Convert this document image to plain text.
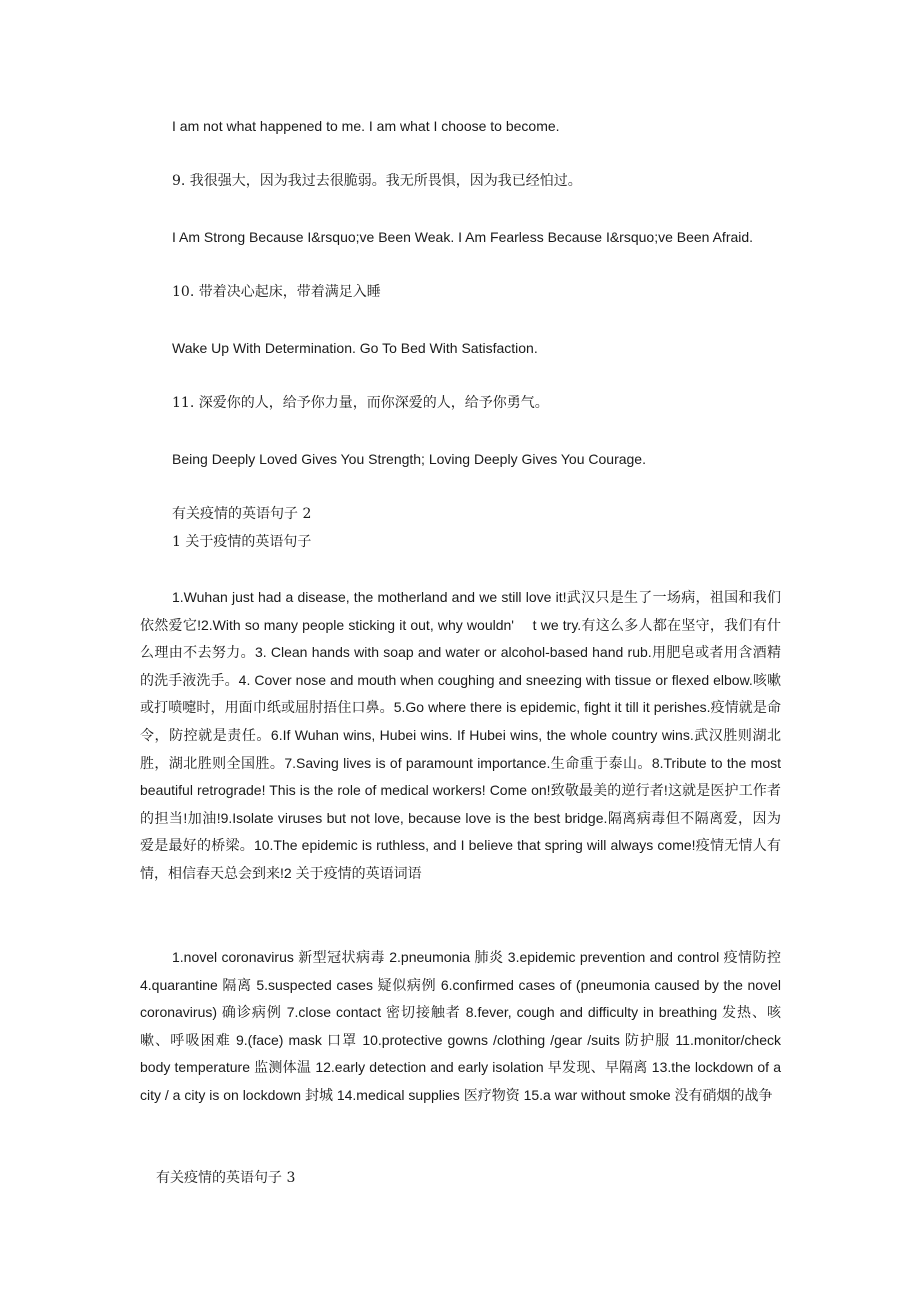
I am not what happened to me. I am what I choose to become.
9. 我很强大，因为我过去很脆弱。我无所畏惧，因为我已经怕过。
I Am Strong Because I&rsquo;ve Been Weak. I Am Fearless Because I&rsquo;ve Been Afraid.
10. 带着决心起床，带着满足入睡
Wake Up With Determination. Go To Bed With Satisfaction.
11. 深爱你的人，给予你力量，而你深爱的人，给予你勇气。
Being Deeply Loved Gives You Strength; Loving Deeply Gives You Courage.
有关疫情的英语句子 2
1 关于疫情的英语句子
1.Wuhan just had a disease, the motherland and we still love it!武汉只是生了一场病，祖国和我们依然爱它!2.With so many people sticking it out, why wouldn'　 t we try.有这么多人都在坚守，我们有什么理由不去努力。3. Clean hands with soap and water or alcohol-based hand rub.用肥皂或者用含酒精的洗手液洗手。4. Cover nose and mouth when coughing and sneezing with tissue or flexed elbow.咳嗽或打喷嚏时，用面巾纸或屈肘捂住口鼻。5.Go where there is epidemic, fight it till it perishes.疫情就是命令，防控就是责任。6.If Wuhan wins, Hubei wins. If Hubei wins, the whole country wins.武汉胜则湖北胜，湖北胜则全国胜。7.Saving lives is of paramount importance.生命重于泰山。8.Tribute to the most beautiful retrograde! This is the role of medical workers! Come on!致敬最美的逆行者!这就是医护工作者的担当!加油!9.Isolate viruses but not love, because love is the best bridge.隔离病毒但不隔离爱，因为爱是最好的桥梁。10.The epidemic is ruthless, and I believe that spring will always come!疫情无情人有情，相信春天总会到来!2 关于疫情的英语词语
1.novel coronavirus 新型冠状病毒 2.pneumonia 肺炎 3.epidemic prevention and control 疫情防控 4.quarantine 隔离 5.suspected cases 疑似病例 6.confirmed cases of (pneumonia caused by the novel coronavirus) 确诊病例 7.close contact 密切接触者 8.fever, cough and difficulty in breathing 发热、咳嗽、呼吸困难 9.(face) mask 口罩 10.protective gowns /clothing /gear /suits 防护服 11.monitor/check body temperature 监测体温 12.early detection and early isolation 早发现、早隔离 13.the lockdown of a city / a city is on lockdown 封城 14.medical supplies 医疗物资 15.a war without smoke 没有硝烟的战争
有关疫情的英语句子 3
